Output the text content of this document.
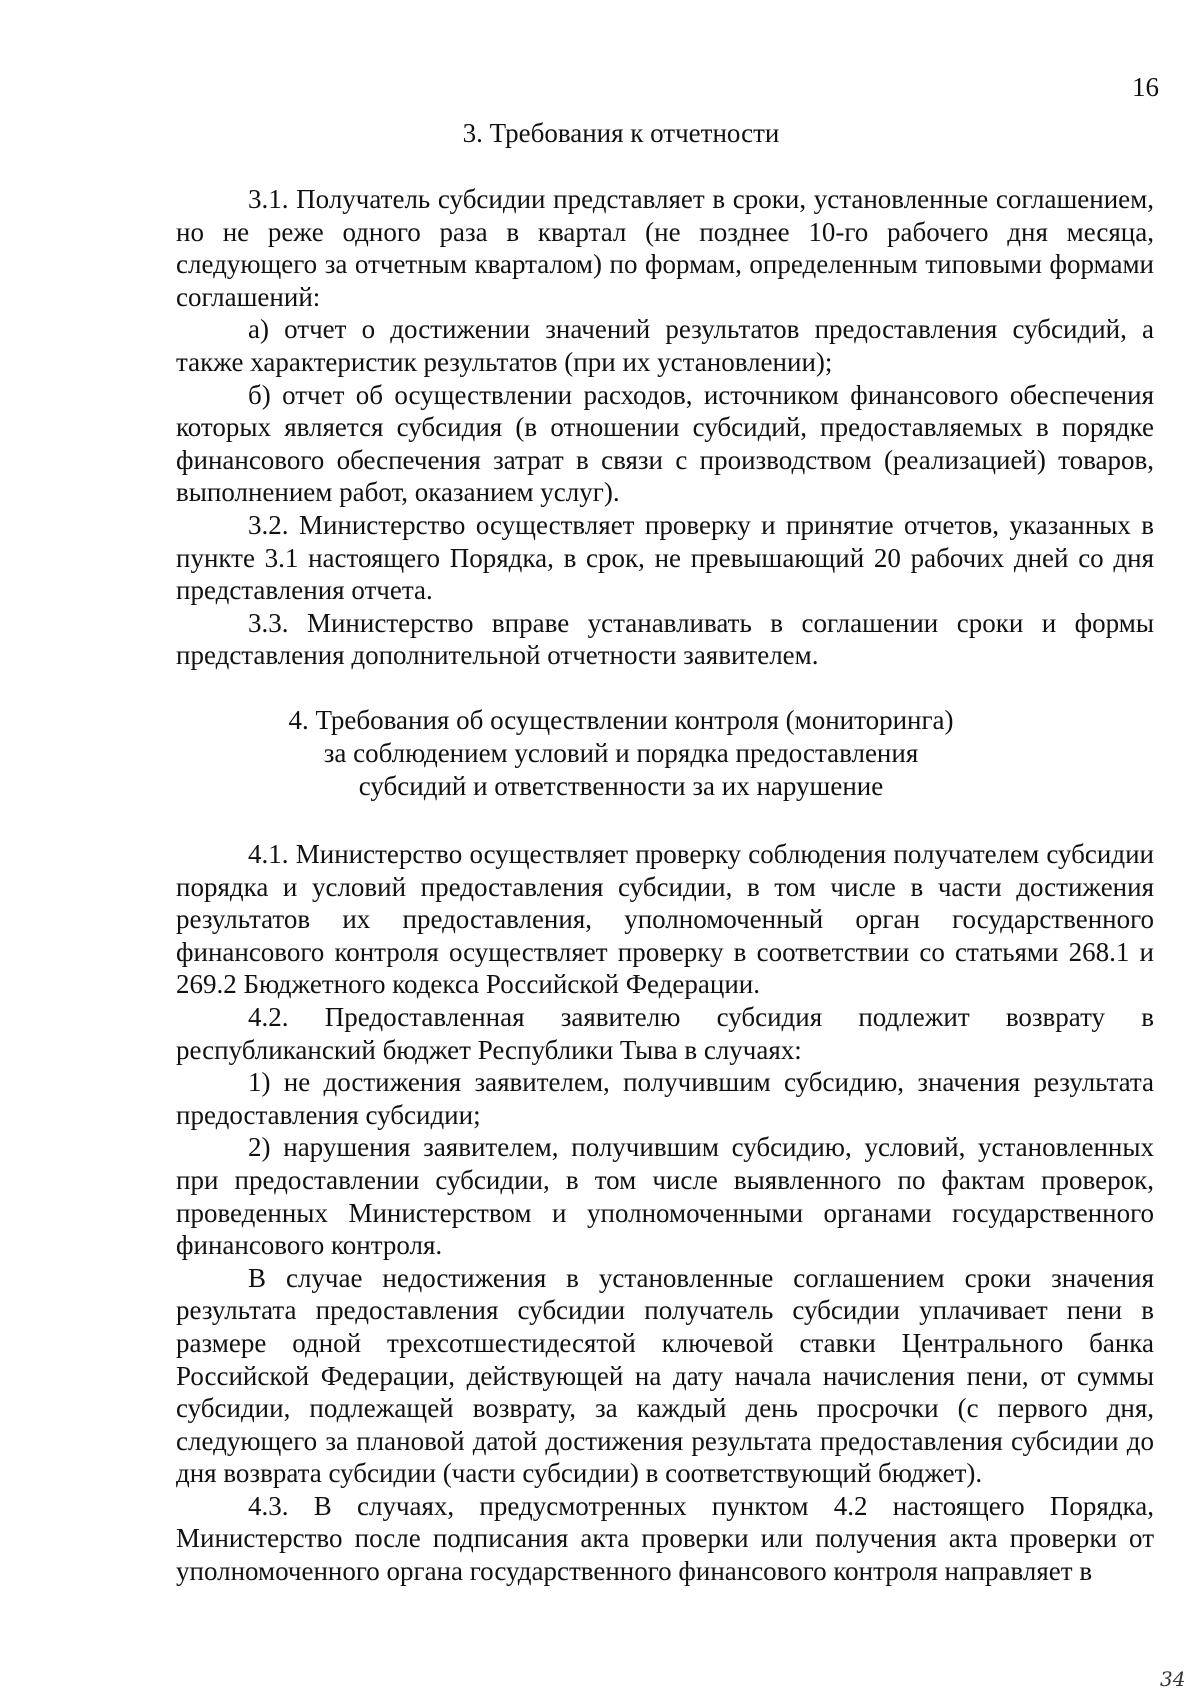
16
3. Требования к отчетности

3.1. Получатель субсидии представляет в сроки, установленные соглашением, но не реже одного раза в квартал (не позднее 10-го рабочего дня месяца, следующего за отчетным кварталом) по формам, определенным типовыми формами соглашений:

а) отчет о достижении значений результатов предоставления субсидий, а также характеристик результатов (при их установлении);

б) отчет об осуществлении расходов, источником финансового обеспечения которых является субсидия (в отношении субсидий, предоставляемых в порядке финансового обеспечения затрат в связи с производством (реализацией) товаров, выполнением работ, оказанием услуг).

3.2. Министерство осуществляет проверку и принятие отчетов, указанных в пункте 3.1 настоящего Порядка, в срок, не превышающий 20 рабочих дней со дня представления отчета.

3.3. Министерство вправе устанавливать в соглашении сроки и формы представления дополнительной отчетности заявителем.

4. Требования об осуществлении контроля (мониторинга)
за соблюдением условий и порядка предоставления
субсидий и ответственности за их нарушение

4.1. Министерство осуществляет проверку соблюдения получателем субсидии порядка и условий предоставления субсидии, в том числе в части достижения результатов их предоставления, уполномоченный орган государственного финансового контроля осуществляет проверку в соответствии со статьями 268.1 и 269.2 Бюджетного кодекса Российской Федерации.

4.2. Предоставленная заявителю субсидия подлежит возврату в республиканский бюджет Республики Тыва в случаях:

1) не достижения заявителем, получившим субсидию, значения результата предоставления субсидии;

2) нарушения заявителем, получившим субсидию, условий, установленных при предоставлении субсидии, в том числе выявленного по фактам проверок, проведенных Министерством и уполномоченными органами государственного финансового контроля.

В случае недостижения в установленные соглашением сроки значения результата предоставления субсидии получатель субсидии уплачивает пени в размере одной трехсотшестидесятой ключевой ставки Центрального банка Российской Федерации, действующей на дату начала начисления пени, от суммы субсидии, подлежащей возврату, за каждый день просрочки (с первого дня, следующего за плановой датой достижения результата предоставления субсидии до дня возврата субсидии (части субсидии) в соответствующий бюджет).

4.3. В случаях, предусмотренных пунктом 4.2 настоящего Порядка, Министерство после подписания акта проверки или получения акта проверки от уполномоченного органа государственного финансового контроля направляет в

34
